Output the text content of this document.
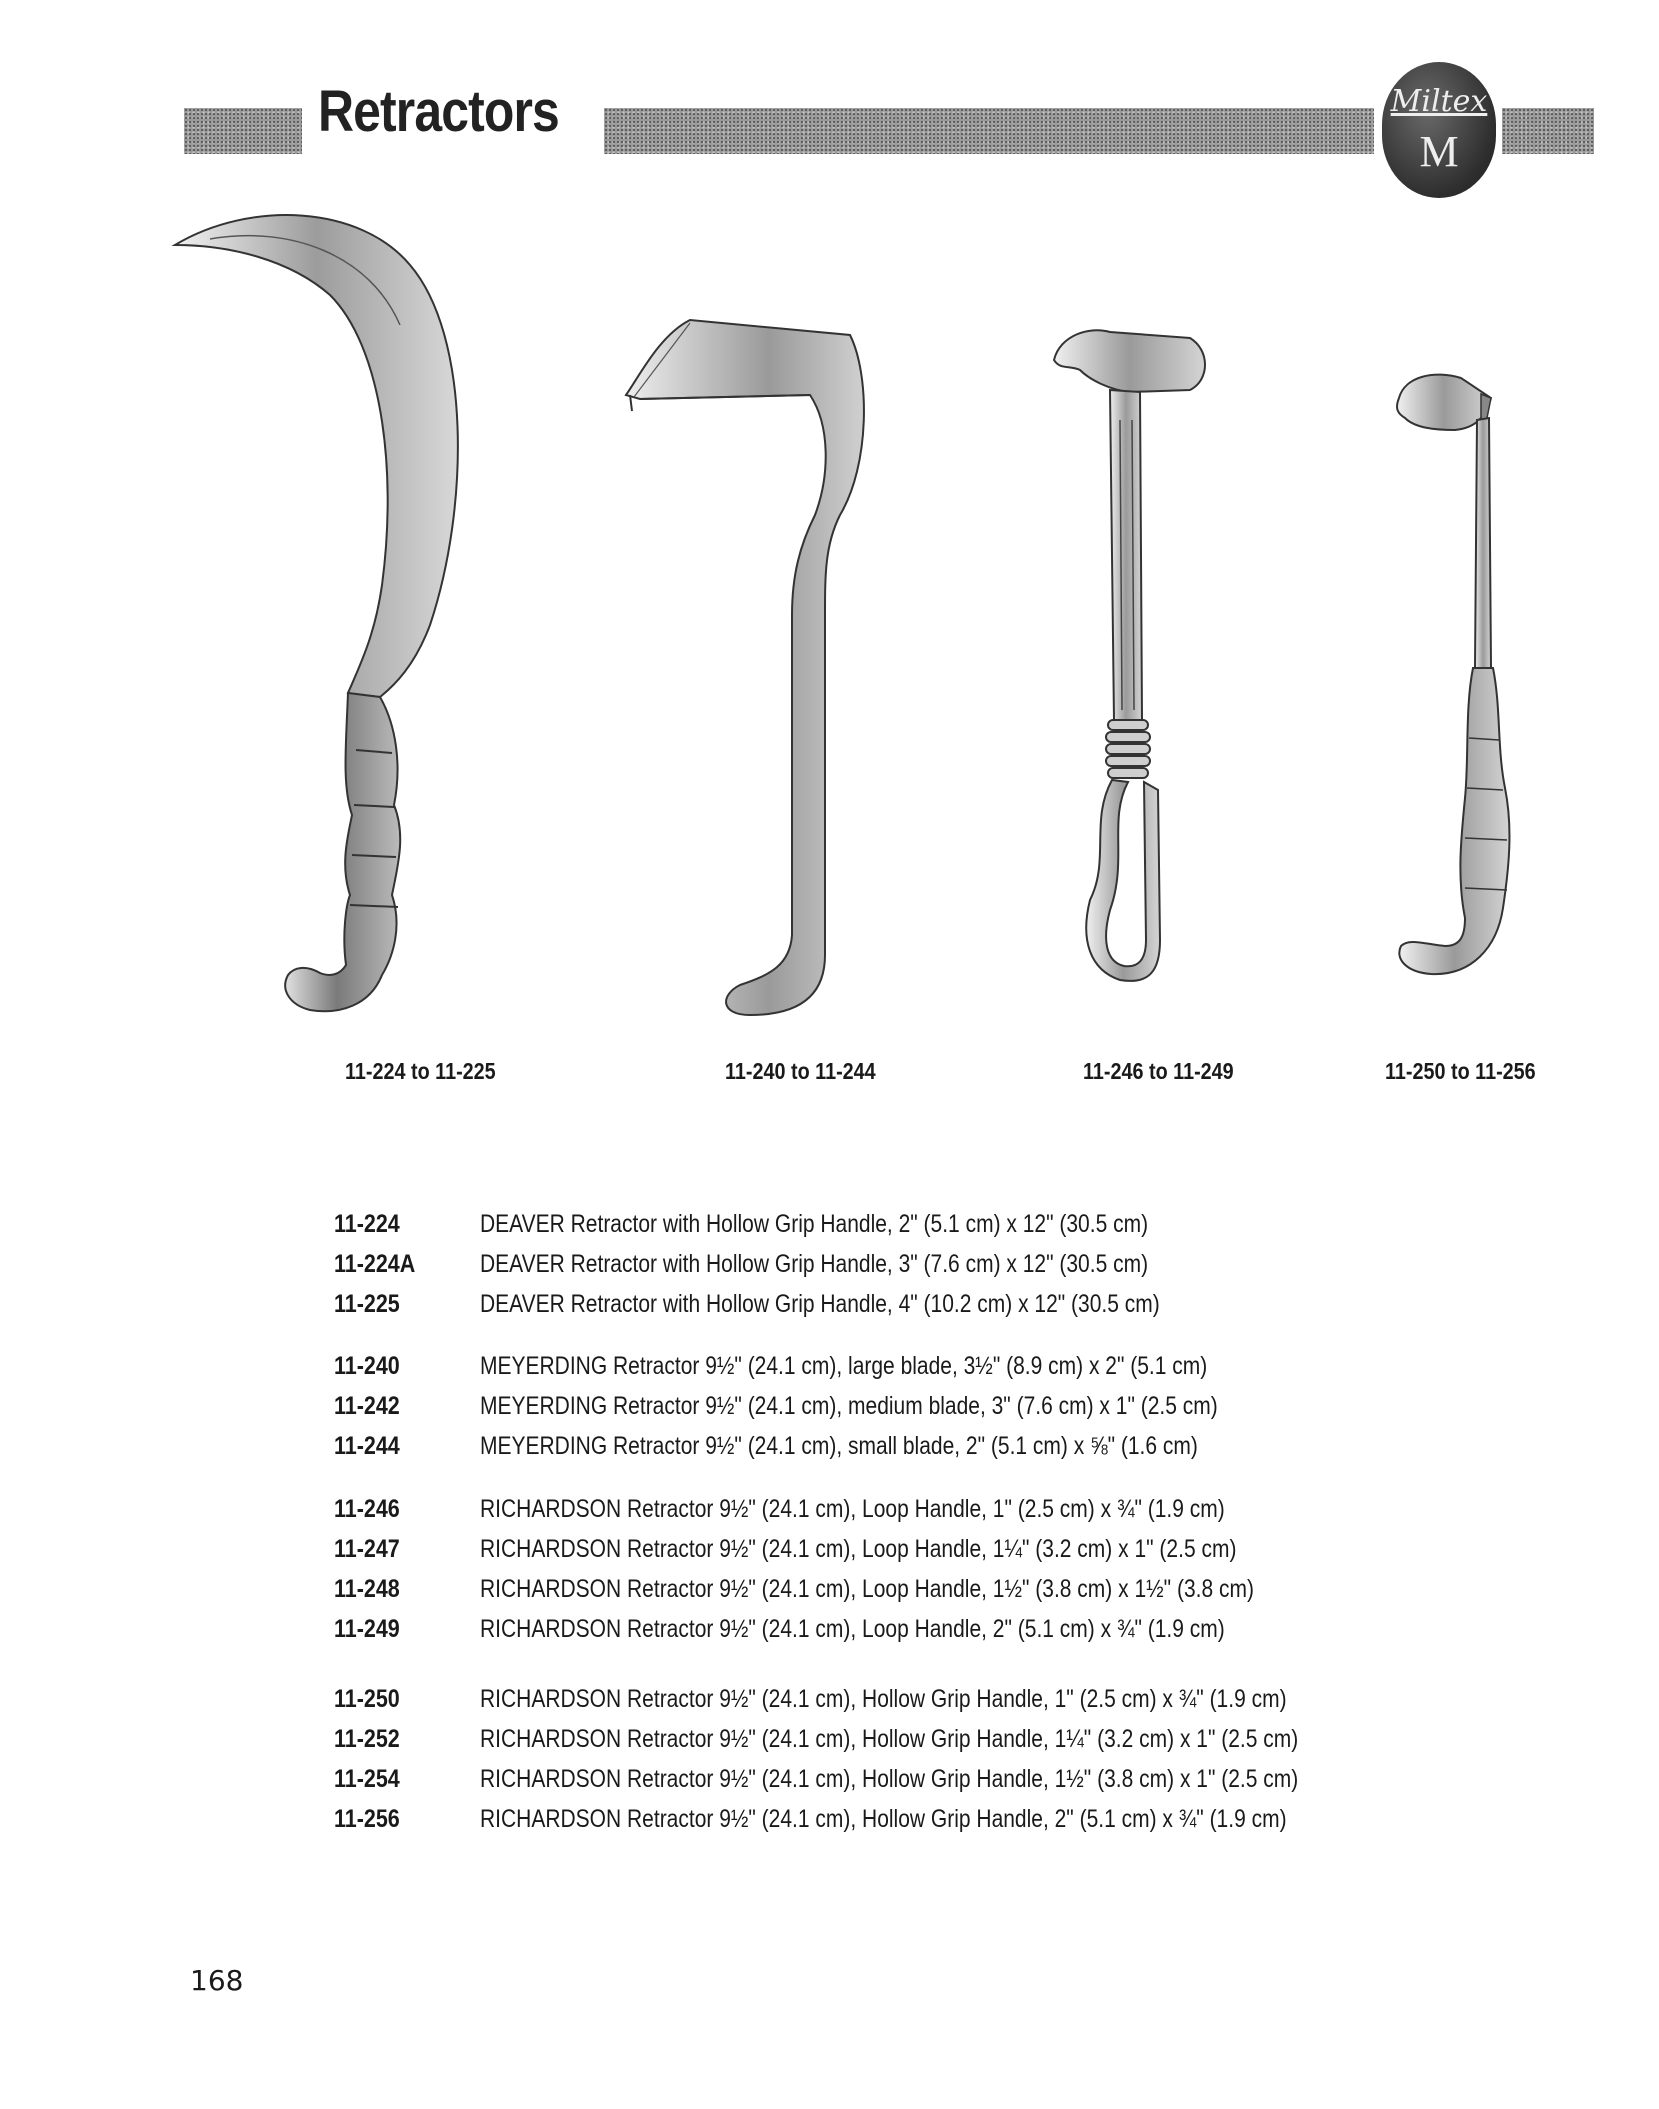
Retractors	Miltex
M
11-224 to 11-225	11-240 to 11-244	11-246 to 11-249	11-250 to 11-256
11-224	DEAVER Retractor with Hollow Grip Handle, 2" (5.1 cm) x 12" (30.5 cm)
11-224A	DEAVER Retractor with Hollow Grip Handle, 3" (7.6 cm) x 12" (30.5 cm)
11-225	DEAVER Retractor with Hollow Grip Handle, 4" (10.2 cm) x 12" (30.5 cm)
11-240	MEYERDING Retractor 9½" (24.1 cm), large blade, 3½" (8.9 cm) x 2" (5.1 cm)
11-242	MEYERDING Retractor 9½" (24.1 cm), medium blade, 3" (7.6 cm) x 1" (2.5 cm)
11-244	MEYERDING Retractor 9½" (24.1 cm), small blade, 2" (5.1 cm) x ⅝" (1.6 cm)
11-246	RICHARDSON Retractor 9½" (24.1 cm), Loop Handle, 1" (2.5 cm) x ¾" (1.9 cm)
11-247	RICHARDSON Retractor 9½" (24.1 cm), Loop Handle, 1¼" (3.2 cm) x 1" (2.5 cm)
11-248	RICHARDSON Retractor 9½" (24.1 cm), Loop Handle, 1½" (3.8 cm) x 1½" (3.8 cm)
11-249	RICHARDSON Retractor 9½" (24.1 cm), Loop Handle, 2" (5.1 cm) x ¾" (1.9 cm)
11-250	RICHARDSON Retractor 9½" (24.1 cm), Hollow Grip Handle, 1" (2.5 cm) x ¾" (1.9 cm)
11-252	RICHARDSON Retractor 9½" (24.1 cm), Hollow Grip Handle, 1¼" (3.2 cm) x 1" (2.5 cm)
11-254	RICHARDSON Retractor 9½" (24.1 cm), Hollow Grip Handle, 1½" (3.8 cm) x 1" (2.5 cm)
11-256	RICHARDSON Retractor 9½" (24.1 cm), Hollow Grip Handle, 2" (5.1 cm) x ¾" (1.9 cm)
168
